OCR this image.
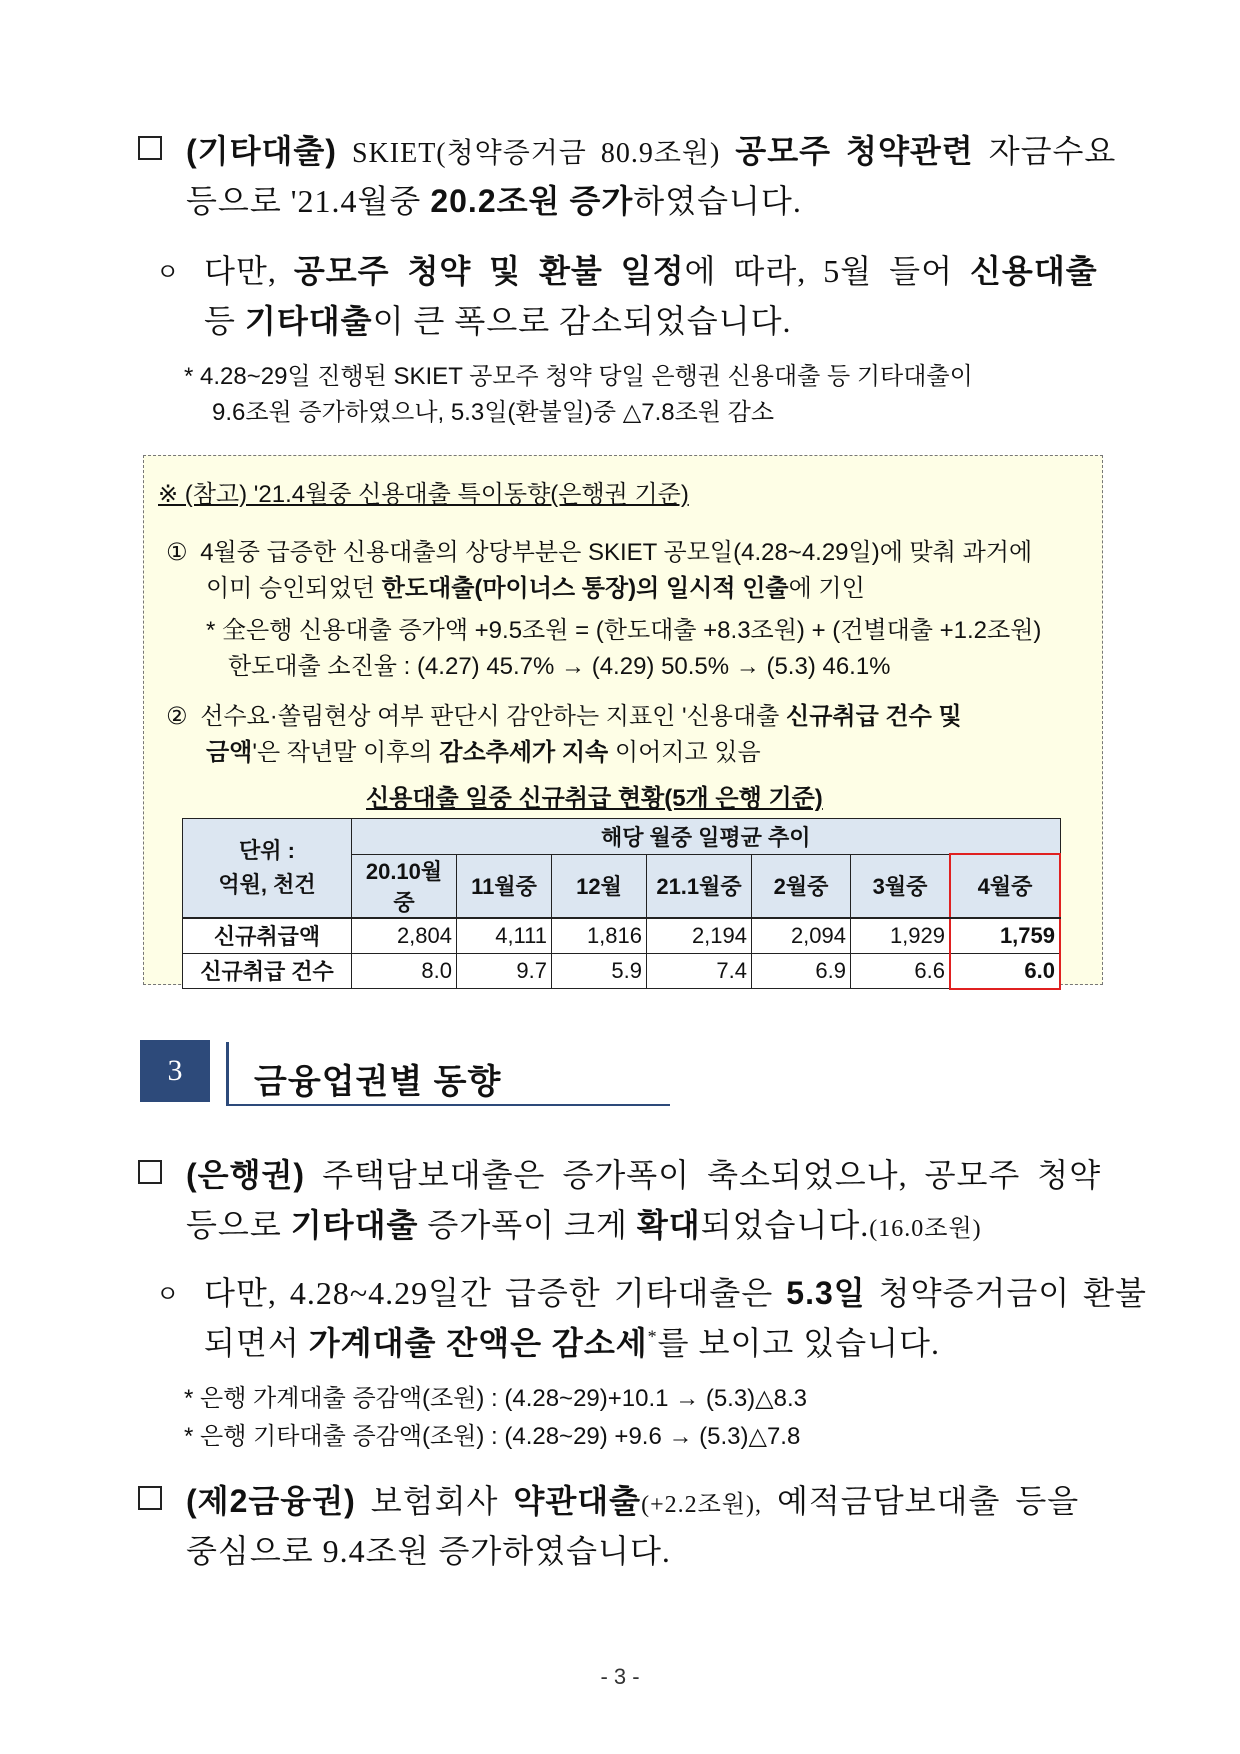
(기타대출) SKIET(청약증거금 80.9조원) 공모주 청약관련 자금수요
등으로 '21.4월중 20.2조원 증가하였습니다.
ㅇ 다만, 공모주 청약 및 환불 일정에 따라, 5월 들어 신용대출
등 기타대출이 큰 폭으로 감소되었습니다.
* 4.28~29일 진행된 SKIET 공모주 청약 당일 은행권 신용대출 등 기타대출이
9.6조원 증가하였으나, 5.3일(환불일)중 △7.8조원 감소
※ (참고) '21.4월중 신용대출 특이동향(은행권 기준)
① 4월중 급증한 신용대출의 상당부분은 SKIET 공모일(4.28~4.29일)에 맞춰 과거에
이미 승인되었던 한도대출(마이너스 통장)의 일시적 인출에 기인
* 全은행 신용대출 증가액 +9.5조원 = (한도대출 +8.3조원) + (건별대출 +1.2조원)
한도대출 소진율 : (4.27) 45.7% → (4.29) 50.5% → (5.3) 46.1%
② 선수요·쏠림현상 여부 판단시 감안하는 지표인 '신용대출 신규취급 건수 및
금액'은 작년말 이후의 감소추세가 지속 이어지고 있음
신용대출 일중 신규취급 현황(5개 은행 기준)
단위 :
억원, 천건	해당 월중 일평균 추이						
	20.10월중	11월중	12월	21.1월중	2월중	3월중	4월중
신규취급액	2,804	4,111	1,816	2,194	2,094	1,929	1,759
신규취급 건수	8.0	9.7	5.9	7.4	6.9	6.6	6.0
3	금융업권별 동향
(은행권) 주택담보대출은 증가폭이 축소되었으나, 공모주 청약
등으로 기타대출 증가폭이 크게 확대되었습니다.(16.0조원)
ㅇ 다만, 4.28~4.29일간 급증한 기타대출은 5.3일 청약증거금이 환불
되면서 가계대출 잔액은 감소세*를 보이고 있습니다.
* 은행 가계대출 증감액(조원) : (4.28~29)+10.1 → (5.3)△8.3
* 은행 기타대출 증감액(조원) : (4.28~29) +9.6 → (5.3)△7.8
(제2금융권) 보험회사 약관대출(+2.2조원), 예적금담보대출 등을
중심으로 9.4조원 증가하였습니다.
- 3 -
